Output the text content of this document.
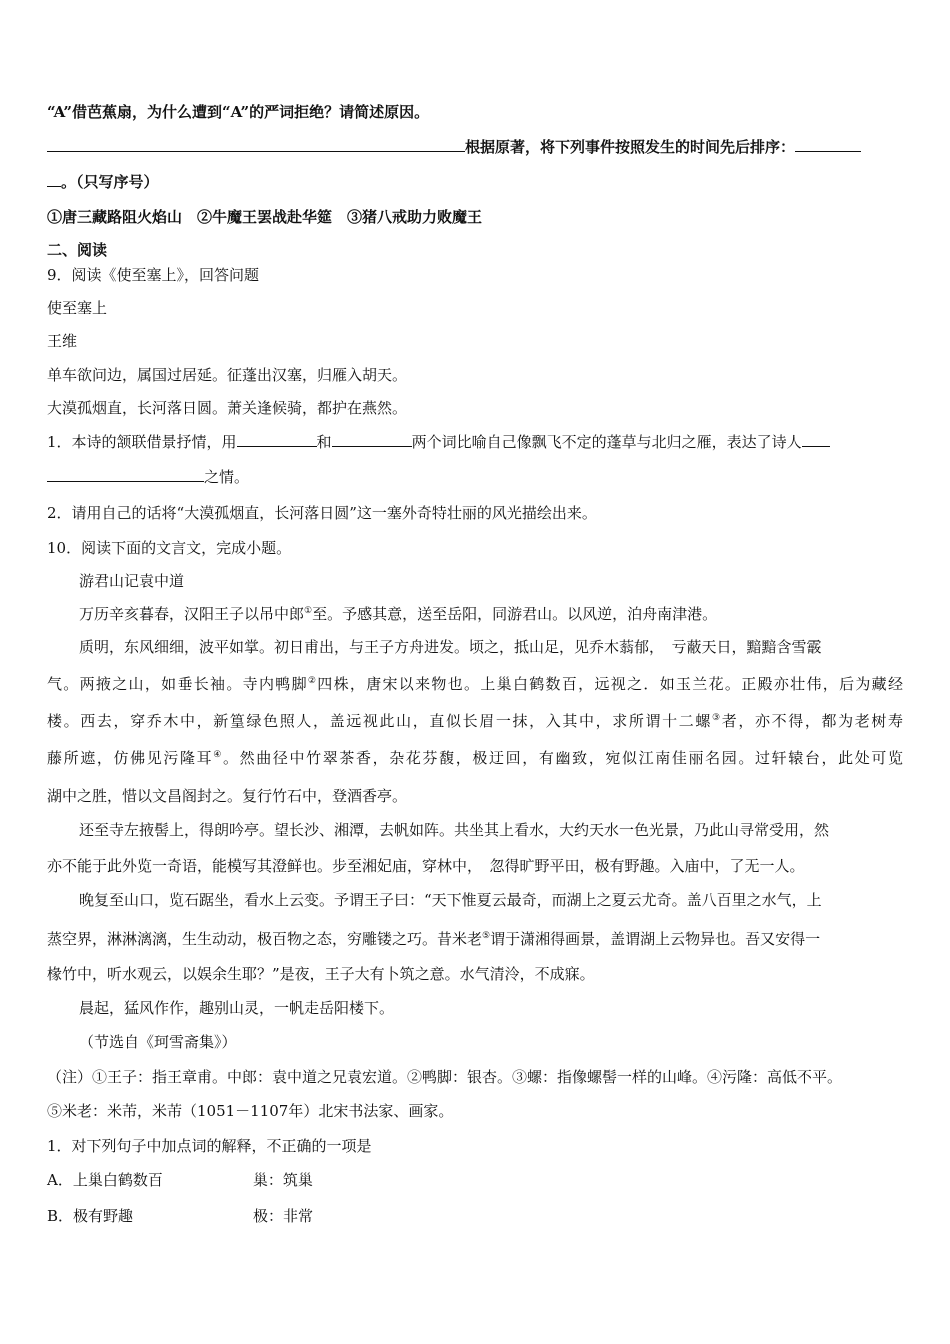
“A”借芭蕉扇，为什么遭到“A”的严词拒绝？请简述原因。
根据原著，将下列事件按照发生的时间先后排序：
。（只写序号）
①唐三藏路阻火焰山　②牛魔王罢战赴华筵　③猪八戒助力败魔王
二、阅读
9．阅读《使至塞上》，回答问题
使至塞上
王维
单车欲问边，属国过居延。征蓬出汉塞，归雁入胡天。
大漠孤烟直，长河落日圆。萧关逢候骑，都护在燕然。
1．本诗的颔联借景抒情，用	和	两个词比喻自己像飘飞不定的蓬草与北归之雁，表达了诗人
之情。
2．请用自己的话将“大漠孤烟直，长河落日圆”这一塞外奇特壮丽的风光描绘出来。
10．阅读下面的文言文，完成小题。
游君山记袁中道
万历辛亥暮春，汉阳王子以吊中郎①至。予感其意，送至岳阳，同游君山。以风逆，泊舟南津港。
质明，东风细细，波平如掌。初日甫出，与王子方舟进发。顷之，抵山足，见乔木蓊郁，　亏蔽天日，黯黯含雪霰
气。两掖之山，如垂长袖。寺内鸭脚②四株，唐宋以来物也。上巢白鹤数百，远视之．如玉兰花。正殿亦壮伟，后为藏经
楼。西去，穿乔木中，新篁绿色照人，盖远视此山，直似长眉一抹，入其中，求所谓十二螺③者，亦不得，都为老树寿
藤所遮，仿佛见污隆耳④。然曲径中竹翠茶香，杂花芬馥，极迂回，有幽致，宛似江南佳丽名园。过轩辕台，此处可览
湖中之胜，惜以文昌阁封之。复行竹石中，登酒香亭。
还至寺左掖髻上，得朗吟亭。望长沙、湘潭，去帆如阵。共坐其上看水，大约天水一色光景，乃此山寻常受用，然
亦不能于此外览一奇语，能模写其澄鲜也。步至湘妃庙，穿林中，　忽得旷野平田，极有野趣。入庙中，了无一人。
晚复至山口，览石踞坐，看水上云变。予谓王子曰：“天下惟夏云最奇，而湖上之夏云尤奇。盖八百里之水气，上
蒸空界，淋淋漓漓，生生动动，极百物之态，穷雕镂之巧。昔米老⑤谓于潇湘得画景，盖谓湖上云物异也。吾又安得一
椽竹中，听水观云，以娱余生耶？”是夜，王子大有卜筑之意。水气清泠，不成寐。
晨起，猛风作作，趣别山灵，一帆走岳阳楼下。
（节选自《珂雪斋集》）
（注）①王子：指王章甫。中郎：袁中道之兄袁宏道。②鸭脚：银杏。③螺：指像螺髻一样的山峰。④污隆：高低不平。
⑤米老：米芾，米芾（1051－1107年）北宋书法家、画家。
1．对下列句子中加点词的解释，不正确的一项是
A．上巢白鹤数百	巢：筑巢
B．极有野趣	极：非常
